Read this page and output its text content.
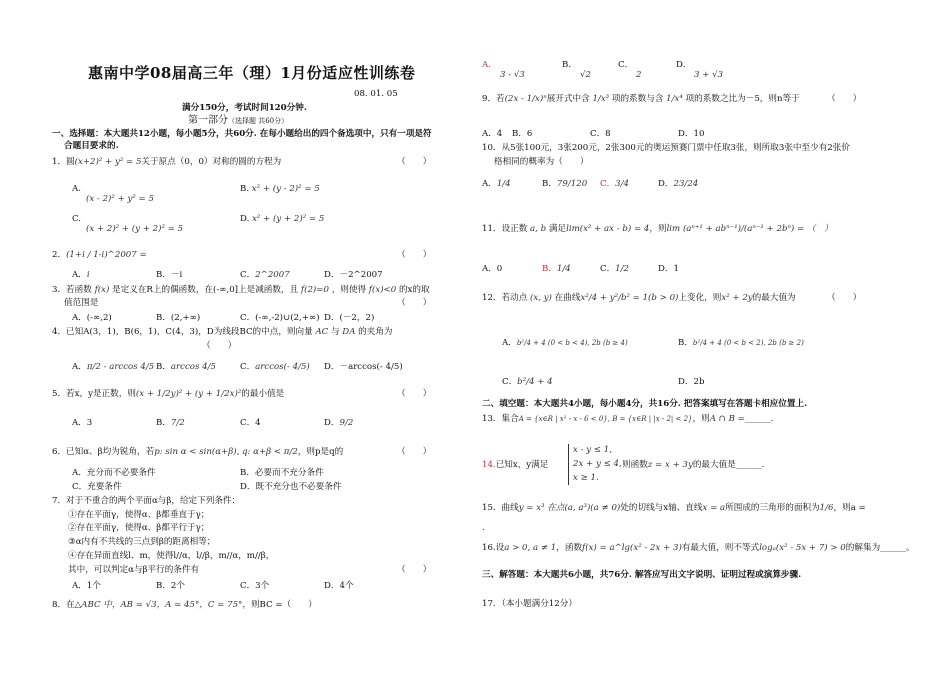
惠南中学08届高三年（理）1月份适应性训练卷
08. 01. 05
满分150分，考试时间120分钟.
第一部分（选择题 共60分）
一、选择题：本大题共12小题，每小题5分，共60分. 在每小题给出的四个备选项中，只有一项是符
合题目要求的.
1．圆(x+2)² + y² = 5关于原点（0，0）对称的圆的方程为	（　　）
A.
(x - 2)² + y² = 5
B. x² + (y - 2)² = 5
C.
(x + 2)² + (y + 2)² = 5
D. x² + (y + 2)² = 5
2．(1+i / 1-i)^2007 =	（　　）
A．i	B．－i	C．2^2007	D．－2^2007
3．若函数 f(x) 是定义在R上的偶函数，在(-∞,0]上是减函数，且 f(2)=0 ，则使得 f(x)<0 的x的取
值范围是	（　　）
A．(-∞,2)	B．(2,+∞)	C．(-∞,-2)∪(2,+∞) D．(－2，2)
4．已知A(3，1)，B(6，1)，C(4，3)，D为线段BC的中点，则向量 AC 与 DA 的夹角为
（　　）
A．π/2 - arccos 4/5 B．arccos 4/5	C．arccos(- 4/5) D．－arccos(- 4/5)
5．若x，y是正数，则(x + 1/2y)² + (y + 1/2x)²的最小值是	（　　）
A．3	B．7/2	C．4	D．9/2
6．已知α、β均为锐角，若p: sin α < sin(α+β), q: α+β < π/2，则p是q的	（　　）
A．充分而不必要条件	B．必要而不充分条件
C．充要条件	D．既不充分也不必要条件
7．对于不重合的两个平面α与β，给定下列条件：
①存在平面γ，使得α、β都垂直于γ；
②存在平面γ，使得α、β都平行于γ；
③α内有不共线的三点到β的距离相等；
④存在异面直线l、m，使得l//α，l//β，m//α，m//β，
其中，可以判定α与β平行的条件有	（　　）
A．1个	B．2个	C．3个	D．4个
8．在△ABC 中，AB = √3，A = 45°，C = 75°，则BC =（　　）
A．
3 - √3
B．
√2
C．
2
D．
3 + √3
9．若(2x - 1/x)ⁿ展开式中含 1/x³ 项的系数与含 1/x⁴ 项的系数之比为－5，则n等于	（　　）
A．4 B．6	C．8	D．10
10．从5张100元，3张200元，2张300元的奥运预赛门票中任取3张，则所取3张中至少有2张价
格相同的概率为（　　）
A．1/4	B．79/120 C．3/4	D．23/24
11．设正数 a, b 满足lim(x² + ax - b) = 4，则lim (aⁿ⁺¹ + abⁿ⁻¹)/(aⁿ⁻¹ + 2bⁿ) = （　）
A．0	B．1/4	C．1/2	D．1
12．若动点 (x, y) 在曲线x²/4 + y²/b² = 1(b > 0)上变化，则x² + 2y的最大值为	（　　）
A．b²/4 + 4 (0 < b < 4), 2b (b ≥ 4)	B．b²/4 + 4 (0 < b < 2), 2b (b ≥ 2)
C．b²/4 + 4	D．2b
二、填空题：本大题共4小题，每小题4分，共16分. 把答案填写在答题卡相应位置上.
13．集合A = {x∈R | x² - x - 6 < 0}, B = {x∈R | |x - 2| < 2}，则A ∩ B =______.
14.已知x，y满足
x - y ≤ 1,
2x + y ≤ 4,
x ≥ 1.
则函数z = x + 3y的最大值是______.
15．曲线y = x³ 在点(a, a³)(a ≠ 0)处的切线与x轴、直线x = a所围成的三角形的面积为1/6，则a =
.
16.设a > 0, a ≠ 1，函数f(x) = a^lg(x² - 2x + 3)有最大值，则不等式logₐ(x² - 5x + 7) > 0的解集为______。
三、解答题：本大题共6小题，共76分. 解答应写出文字说明、证明过程或演算步骤.
17．（本小题满分12分）
